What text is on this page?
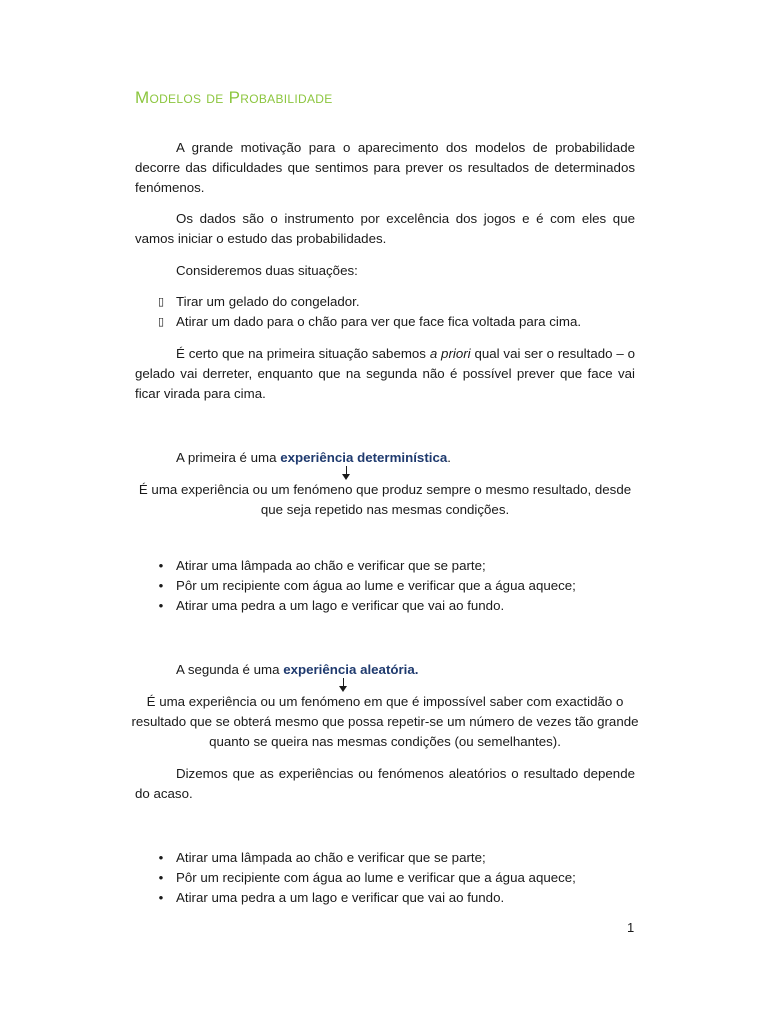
Modelos de Probabilidade

A grande motivação para o aparecimento dos modelos de probabilidade decorre das dificuldades que sentimos para prever os resultados de determinados fenómenos.

Os dados são o instrumento por excelência dos jogos e é com eles que vamos iniciar o estudo das probabilidades.

Consideremos duas situações:

▯ Tirar um gelado do congelador.
▯ Atirar um dado para o chão para ver que face fica voltada para cima.

É certo que na primeira situação sabemos a priori qual vai ser o resultado – o gelado vai derreter, enquanto que na segunda não é possível prever que face vai ficar virada para cima.

A primeira é uma experiência determinística.

É uma experiência ou um fenómeno que produz sempre o mesmo resultado, desde que seja repetido nas mesmas condições.

• Atirar uma lâmpada ao chão e verificar que se parte;
• Pôr um recipiente com água ao lume e verificar que a água aquece;
• Atirar uma pedra a um lago e verificar que vai ao fundo.

A segunda é uma experiência aleatória.

É uma experiência ou um fenómeno em que é impossível saber com exactidão o resultado que se obterá mesmo que possa repetir-se um número de vezes tão grande quanto se queira nas mesmas condições (ou semelhantes).

Dizemos que as experiências ou fenómenos aleatórios o resultado depende do acaso.

• Atirar uma lâmpada ao chão e verificar que se parte;
• Pôr um recipiente com água ao lume e verificar que a água aquece;
• Atirar uma pedra a um lago e verificar que vai ao fundo.
1
